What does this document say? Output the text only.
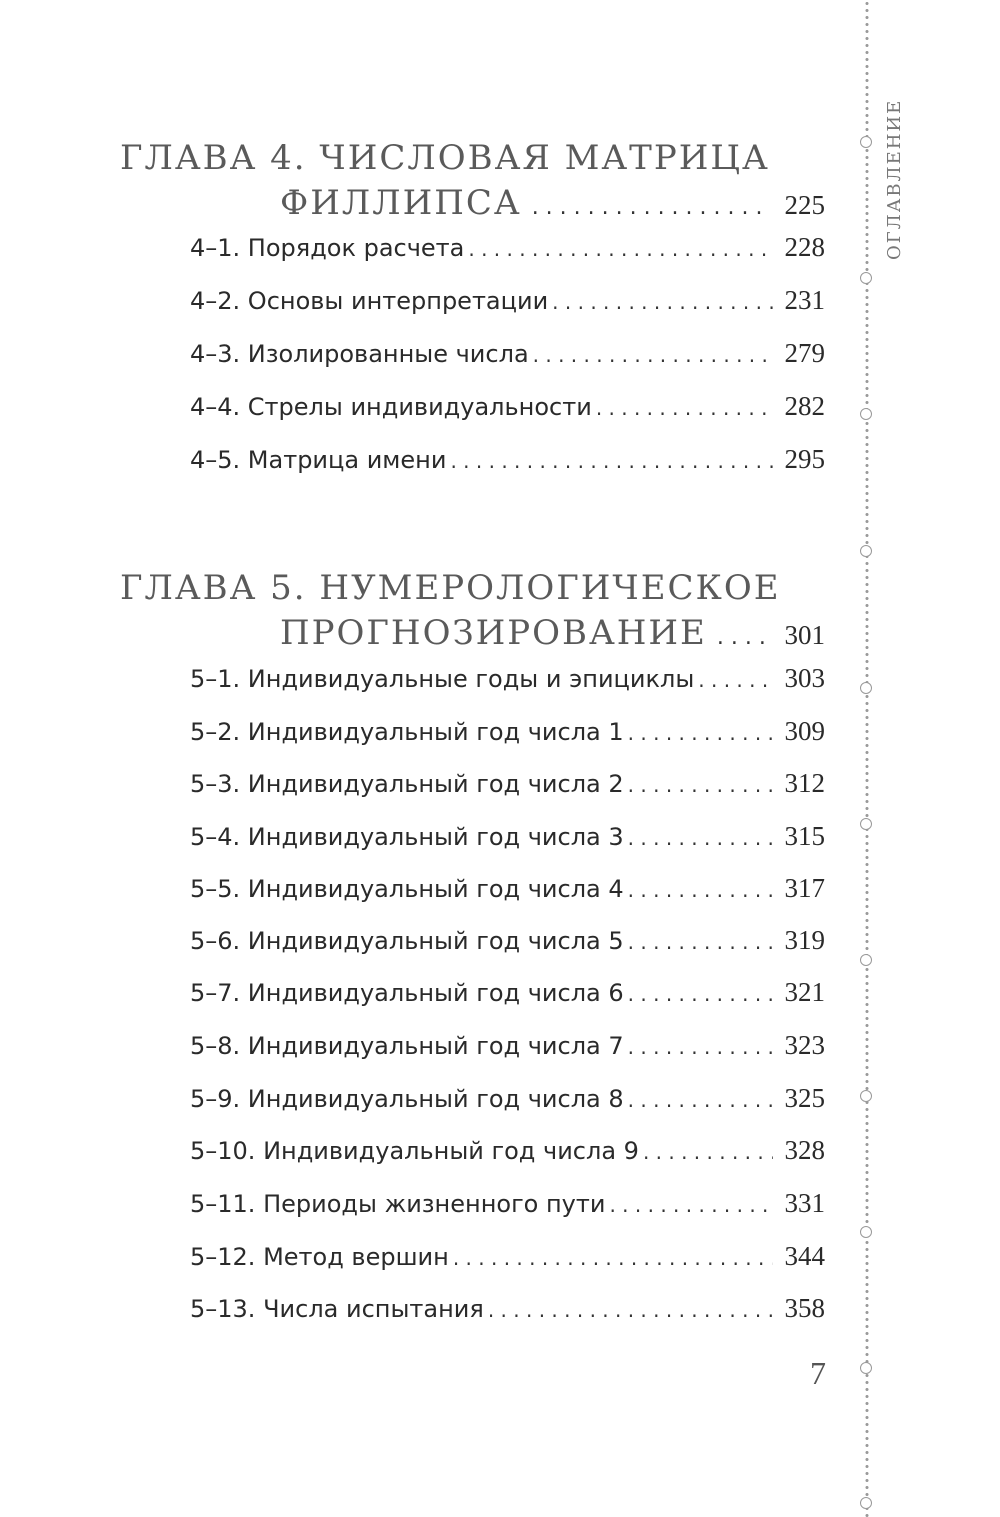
ГЛАВА 4. ЧИСЛОВАЯ МАТРИЦА
ФИЛЛИПСА . . .	225
4–1. Порядок расчета . . .	228
4–2. Основы интерпретации . . .	231
4–3. Изолированные числа . . .	279
4–4. Стрелы индивидуальности . . .	282
4–5. Матрица имени . . .	295
ГЛАВА 5. НУМЕРОЛОГИЧЕСКОЕ
ПРОГНОЗИРОВАНИЕ . . .	301
5–1. Индивидуальные годы и эпициклы . . .	303
5–2. Индивидуальный год числа 1 . . .	309
5–3. Индивидуальный год числа 2 . . .	312
5–4. Индивидуальный год числа 3 . . .	315
5–5. Индивидуальный год числа 4 . . .	317
5–6. Индивидуальный год числа 5 . . .	319
5–7. Индивидуальный год числа 6 . . .	321
5–8. Индивидуальный год числа 7 . . .	323
5–9. Индивидуальный год числа 8 . . .	325
5–10. Индивидуальный год числа 9 . . .	328
5–11. Периоды жизненного пути . . .	331
5–12. Метод вершин . . .	344
5–13. Числа испытания . . .	358
7
ОГЛАВЛЕНИЕ
